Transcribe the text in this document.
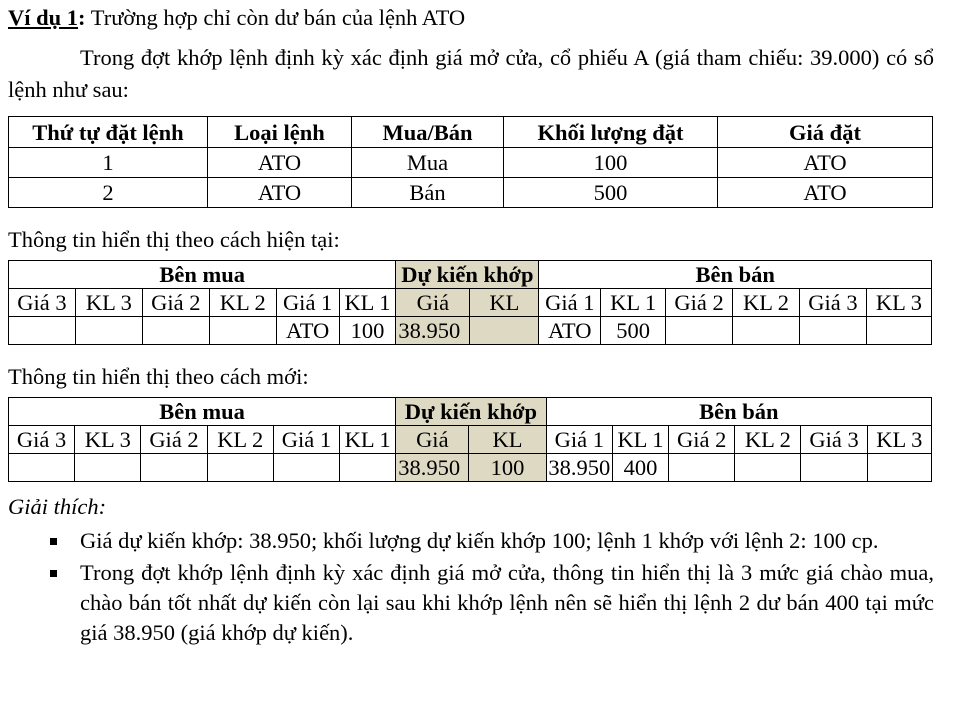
Ví dụ 1: Trường hợp chỉ còn dư bán của lệnh ATO

Trong đợt khớp lệnh định kỳ xác định giá mở cửa, cổ phiếu A (giá tham chiếu: 39.000) có sổ lệnh như sau:

Thứ tự đặt lệnh	Loại lệnh	Mua/Bán	Khối lượng đặt	Giá đặt
1	ATO	Mua	100	ATO
2	ATO	Bán	500	ATO

Thông tin hiển thị theo cách hiện tại:

Bên mua						Dự kiến khớp		Bên bán					
Giá 3	KL 3	Giá 2	KL 2	Giá 1	KL 1	Giá	KL	Giá 1	KL 1	Giá 2	KL 2	Giá 3	KL 3
				ATO	100	38.950		ATO	500				

Thông tin hiển thị theo cách mới:

Bên mua						Dự kiến khớp		Bên bán					
Giá 3	KL 3	Giá 2	KL 2	Giá 1	KL 1	Giá	KL	Giá 1	KL 1	Giá 2	KL 2	Giá 3	KL 3
						38.950	100	38.950	400				

Giải thích:

Giá dự kiến khớp: 38.950; khối lượng dự kiến khớp 100; lệnh 1 khớp với lệnh 2: 100 cp.
Trong đợt khớp lệnh định kỳ xác định giá mở cửa, thông tin hiển thị là 3 mức giá chào mua, chào bán tốt nhất dự kiến còn lại sau khi khớp lệnh nên sẽ hiển thị lệnh 2 dư bán 400 tại mức giá 38.950 (giá khớp dự kiến).
